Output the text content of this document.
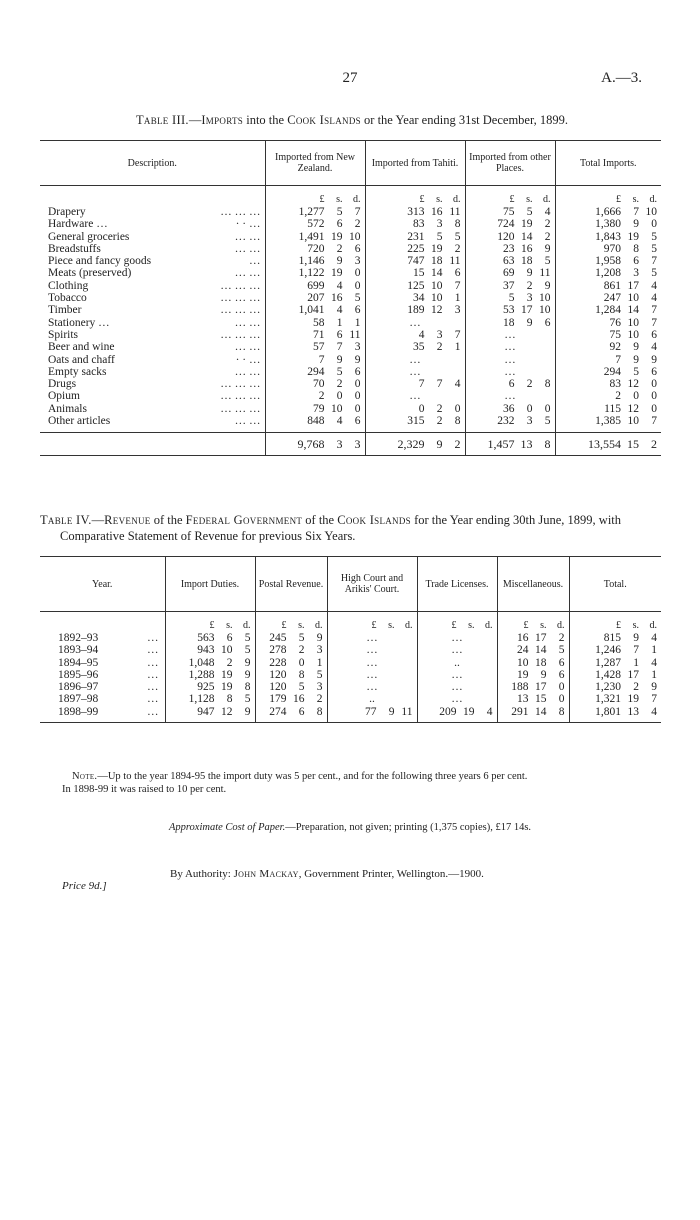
27	A.—3.
Table III.—Imports into the Cook Islands or the Year ending 31st December, 1899.
Description.	Imported from New Zealand.	Imported from Tahiti.	Imported from other Places.	Total Imports.

	£ s. d.	£ s. d.	£ s. d.	£ s. d.

Drapery … … …	1,277 5 7	313 16 11	75 5 4	1,666 7 10

Hardware … · · …	572 6 2	83 3 8	724 19 2	1,380 9 0

General groceries … …	1,491 19 10	231 5 5	120 14 2	1,843 19 5

Breadstuffs … …	720 2 6	225 19 2	23 16 9	970 8 5

Piece and fancy goods …	1,146 9 3	747 18 11	63 18 5	1,958 6 7

Meats (preserved) … …	1,122 19 0	15 14 6	69 9 11	1,208 3 5

Clothing … … …	699 4 0	125 10 7	37 2 9	861 17 4

Tobacco … … …	207 16 5	34 10 1	5 3 10	247 10 4

Timber … … …	1,041 4 6	189 12 3	53 17 10	1,284 14 7

Stationery … … …	58 1 1	…	18 9 6	76 10 7

Spirits … … …	71 6 11	4 3 7	…	75 10 6

Beer and wine … …	57 7 3	35 2 1	…	92 9 4

Oats and chaff · · …	7 9 9	…	…	7 9 9

Empty sacks … …	294 5 6	…	…	294 5 6

Drugs … … …	70 2 0	7 7 4	6 2 8	83 12 0

Opium … … …	2 0 0	…	…	2 0 0

Animals … … …	79 10 0	0 2 0	36 0 0	115 12 0

Other articles … …	848 4 6	315 2 8	232 3 5	1,385 10 7

	9,768 3 3	2,329 9 2	1,457 13 8	13,554 15 2
Table IV.—Revenue of the Federal Government of the Cook Islands for the Year ending 30th June, 1899, with Comparative Statement of Revenue for previous Six Years.
Year.	Import Duties.	Postal Revenue.	High Court and Arikis' Court.	Trade Licenses.	Miscellaneous.	Total.

	£ s. d.	£ s. d.	£ s. d.	£ s. d.	£ s. d.	£ s. d.

1892–93 …	563 6 5	245 5 9	…	…	16 17 2	815 9 4

1893–94 …	943 10 5	278 2 3	…	…	24 14 5	1,246 7 1

1894–95 …	1,048 2 9	228 0 1	…	..	10 18 6	1,287 1 4

1895–96 …	1,288 19 9	120 8 5	…	…	19 9 6	1,428 17 1

1896–97 …	925 19 8	120 5 3	…	…	188 17 0	1,230 2 9

1897–98 …	1,128 8 5	179 16 2	..	…	13 15 0	1,321 19 7

1898–99 …	947 12 9	274 6 8	77 9 11	209 19 4	291 14 8	1,801 13 4

Note.—Up to the year 1894-95 the import duty was 5 per cent., and for the following three years 6 per cent.
In 1898-99 it was raised to 10 per cent.
Approximate Cost of Paper.—Preparation, not given; printing (1,375 copies), £17 14s.
By Authority: John Mackay, Government Printer, Wellington.—1900.
Price 9d.]
